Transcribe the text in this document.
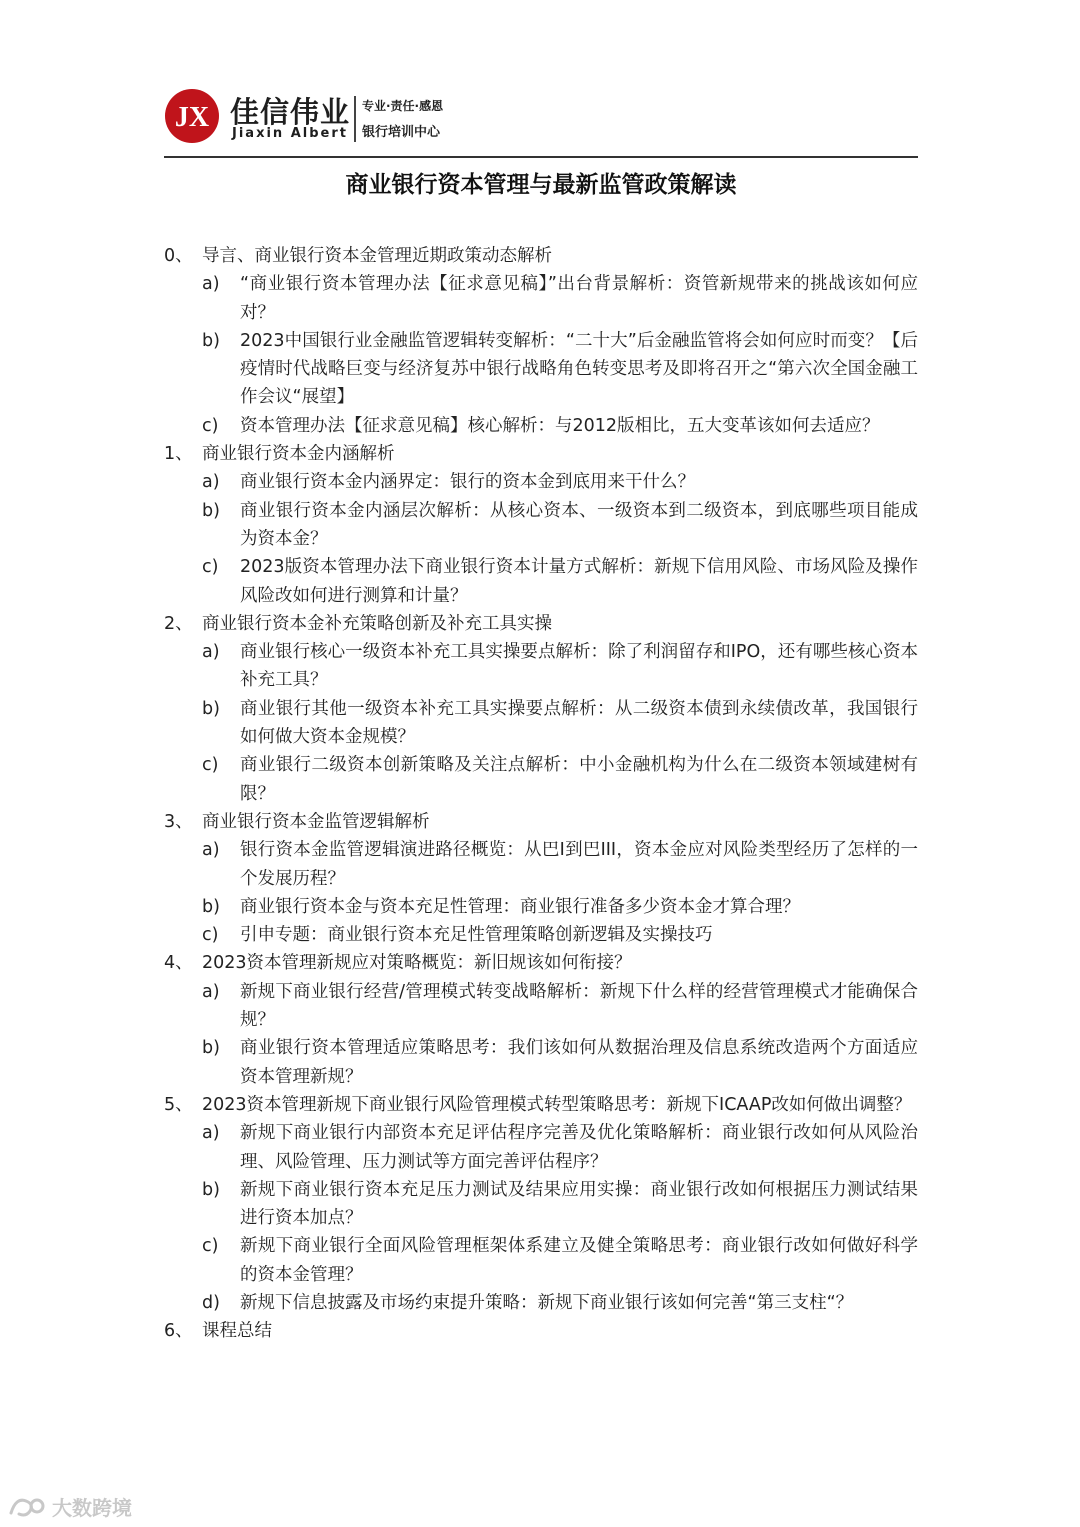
JX 佳信伟业
Jiaxin Albert
专业·责任·感恩
银行培训中心
商业银行资本管理与最新监管政策解读
0、 导言、商业银行资本金管理近期政策动态解析
a)	“商业银行资本管理办法【征求意见稿】”出台背景解析：资管新规带来的挑战该如何应对？
b)	2023中国银行业金融监管逻辑转变解析：“二十大”后金融监管将会如何应时而变？【后疫情时代战略巨变与经济复苏中银行战略角色转变思考及即将召开之“第六次全国金融工作会议“展望】
c)	资本管理办法【征求意见稿】核心解析：与2012版相比，五大变革该如何去适应？
1、 商业银行资本金内涵解析
a)	商业银行资本金内涵界定：银行的资本金到底用来干什么？
b)	商业银行资本金内涵层次解析：从核心资本、一级资本到二级资本，到底哪些项目能成为资本金？
c)	2023版资本管理办法下商业银行资本计量方式解析：新规下信用风险、市场风险及操作风险改如何进行测算和计量？
2、 商业银行资本金补充策略创新及补充工具实操
a)	商业银行核心一级资本补充工具实操要点解析：除了利润留存和IPO，还有哪些核心资本补充工具？
b)	商业银行其他一级资本补充工具实操要点解析：从二级资本债到永续债改革，我国银行如何做大资本金规模？
c)	商业银行二级资本创新策略及关注点解析：中小金融机构为什么在二级资本领域建树有限？
3、 商业银行资本金监管逻辑解析
a)	银行资本金监管逻辑演进路径概览：从巴I到巴III，资本金应对风险类型经历了怎样的一个发展历程？
b)	商业银行资本金与资本充足性管理：商业银行准备多少资本金才算合理？
c)	引申专题：商业银行资本充足性管理策略创新逻辑及实操技巧
4、 2023资本管理新规应对策略概览：新旧规该如何衔接？
a)	新规下商业银行经营/管理模式转变战略解析：新规下什么样的经营管理模式才能确保合规？
b)	商业银行资本管理适应策略思考：我们该如何从数据治理及信息系统改造两个方面适应资本管理新规？
5、 2023资本管理新规下商业银行风险管理模式转型策略思考：新规下ICAAP改如何做出调整？
a)	新规下商业银行内部资本充足评估程序完善及优化策略解析：商业银行改如何从风险治理、风险管理、压力测试等方面完善评估程序？
b)	新规下商业银行资本充足压力测试及结果应用实操：商业银行改如何根据压力测试结果进行资本加点？
c)	新规下商业银行全面风险管理框架体系建立及健全策略思考：商业银行改如何做好科学的资本金管理？
d)	新规下信息披露及市场约束提升策略：新规下商业银行该如何完善“第三支柱“？
6、 课程总结
大数跨境
